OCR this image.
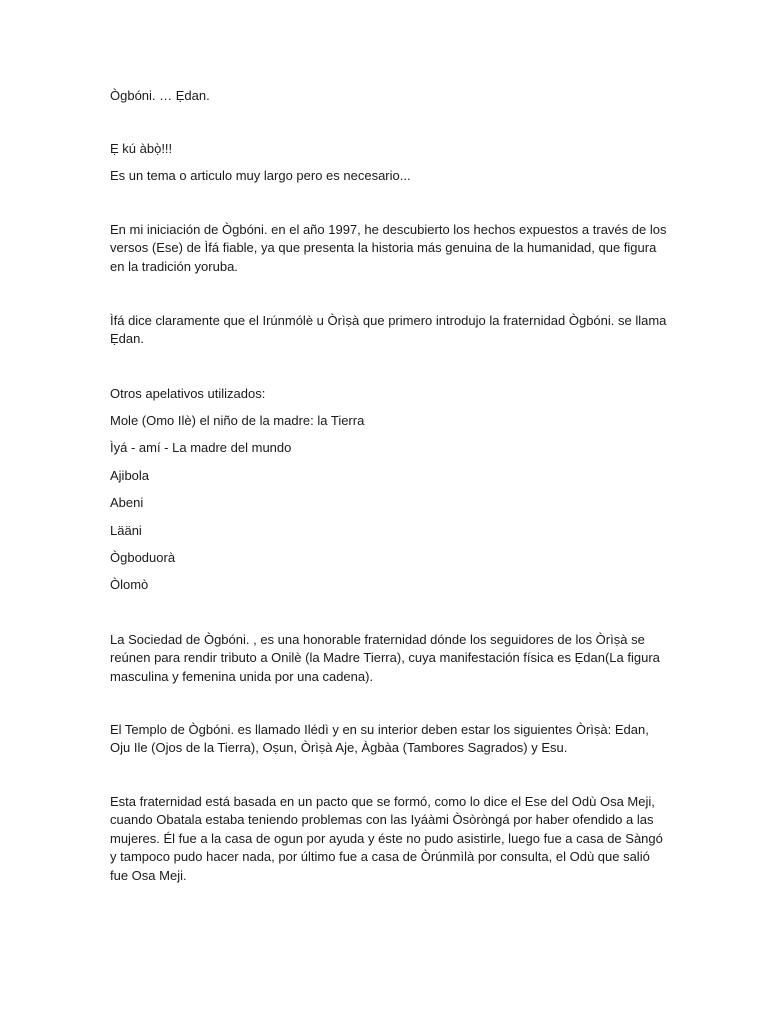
Ògbóni. … Ẹdan.

Ẹ kú àbọ̀!!!

Es un tema o articulo muy largo pero es necesario...

En mi iniciación de Ògbóni. en el año 1997, he descubierto los hechos expuestos a través de los versos (Ese) de Ìfá fiable, ya que presenta la historia más genuina de la humanidad, que figura en la tradición yoruba.

Ìfá dice claramente que el Irúnmólè u Òrìṣà que primero introdujo la fraternidad Ògbóni. se llama Ẹdan.

Otros apelativos utilizados:

Mole (Omo Ilè) el niño de la madre: la Tierra

Ìyá - amí - La madre del mundo

Ajibola

Abeni

Lääni

Ògboduorà

Òlomò

La Sociedad de Ògbóni. , es una honorable fraternidad dónde los seguidores de los Òrìṣà se reúnen para rendir tributo a Onilè (la Madre Tierra), cuya manifestación física es Ẹdan(La figura masculina y femenina unida por una cadena).

El Templo de Ògbóni. es llamado Ilédì y en su interior deben estar los siguientes Òrìṣà: Edan, Oju Ile (Ojos de la Tierra), Oṣun, Òrìṣà Aje, Àgbàa (Tambores Sagrados) y Esu.

Esta fraternidad está basada en un pacto que se formó, como lo dice el Ese del Odù Osa Meji, cuando Obatala estaba teniendo problemas con las Iyáàmi Òsòròngá por haber ofendido a las mujeres. Él fue a la casa de ogun por ayuda y éste no pudo asistirle, luego fue a casa de Sàngó y tampoco pudo hacer nada, por último fue a casa de Òrúnmìlà por consulta, el Odù que salió fue Osa Meji.
